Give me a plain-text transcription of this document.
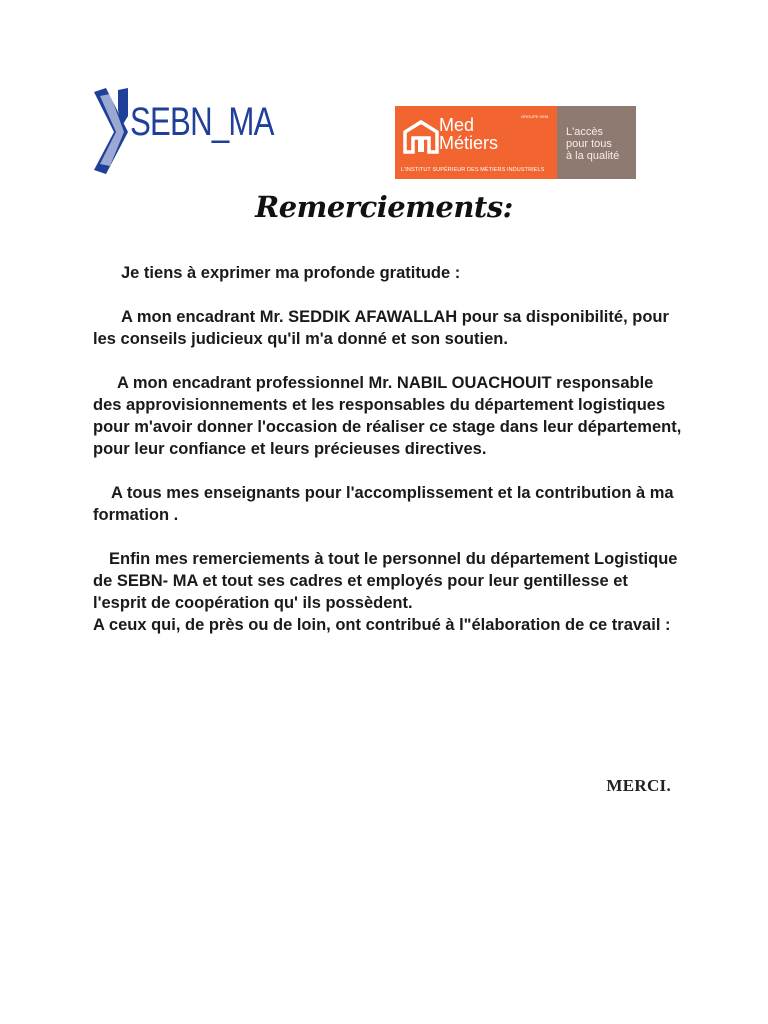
SEBN_MA	GROUPE HEM
Med
Métiers
L'INSTITUT SUPÉRIEUR DES MÉTIERS INDUSTRIELS
L'accès
pour tous
à la qualité
Remerciements:

Je tiens à exprimer ma profonde gratitude :

A mon encadrant Mr. SEDDIK AFAWALLAH pour sa disponibilité, pour les conseils judicieux qu'il m'a donné et son soutien.

A mon encadrant professionnel Mr. NABIL OUACHOUIT responsable des approvisionnements et les responsables du département logistiques pour m'avoir donner l'occasion de réaliser ce stage dans leur département, pour leur confiance et leurs précieuses directives.

A tous mes enseignants pour l'accomplissement et la contribution à ma formation .

Enfin mes remerciements à tout le personnel du département Logistique de SEBN- MA et tout ses cadres et employés pour leur gentillesse et l'esprit de coopération qu' ils possèdent.

A ceux qui, de près ou de loin, ont contribué à l"élaboration de ce travail :

MERCI.
